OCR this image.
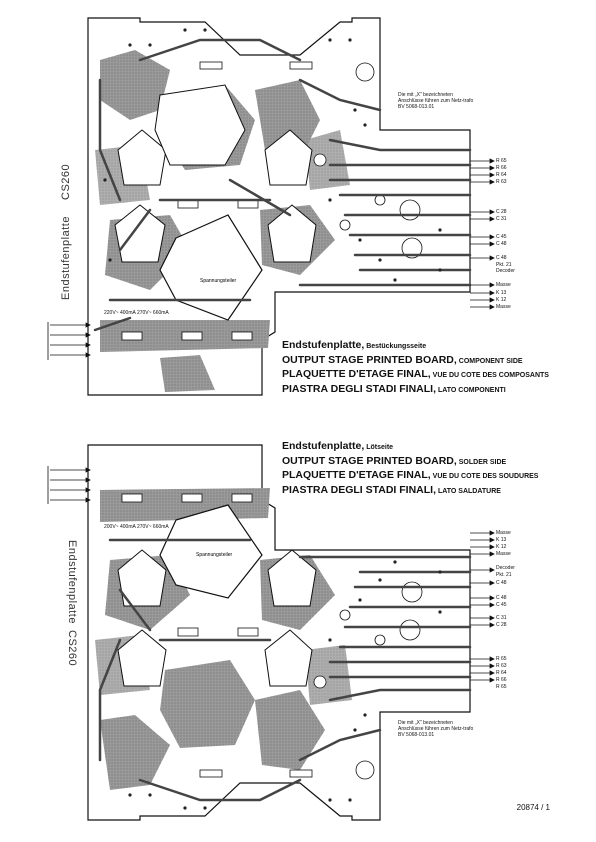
Spannungsteiler
Spannungsteiler
Endstufenplatte
CS260
Endstufenplatte
CS260
Die mit „X" bezeichneten Anschlüsse führen zum Netz-trafo BV 5068-013.01
Die mit „X" bezeichneten Anschlüsse führen zum Netz-trafo BV 5068-013.01
220V~ 400mA 270V~ 660mA
200V~ 400mA 270V~ 660mA
R 65
R 66
R 64
R 63
C 28
C 31
C 45
C 48
C 48
Pkt. 21
Decoder
Masse
K 13
K 12
Masse
Masse
K 13
K 12
Masse
Decoder
Pkt. 21
C 48
C 48
C 45
C 31
C 28
R 65
R 63
R 64
R 66
R 65
Endstufenplatte, Bestückungsseite
OUTPUT STAGE PRINTED BOARD, COMPONENT SIDE
PLAQUETTE D'ETAGE FINAL, VUE DU COTE DES COMPOSANTS
PIASTRA DEGLI STADI FINALI, LATO COMPONENTI
Endstufenplatte, Lötseite
OUTPUT STAGE PRINTED BOARD, SOLDER SIDE
PLAQUETTE D'ETAGE FINAL, VUE DU COTE DES SOUDURES
PIASTRA DEGLI STADI FINALI, LATO SALDATURE
20874 / 1
